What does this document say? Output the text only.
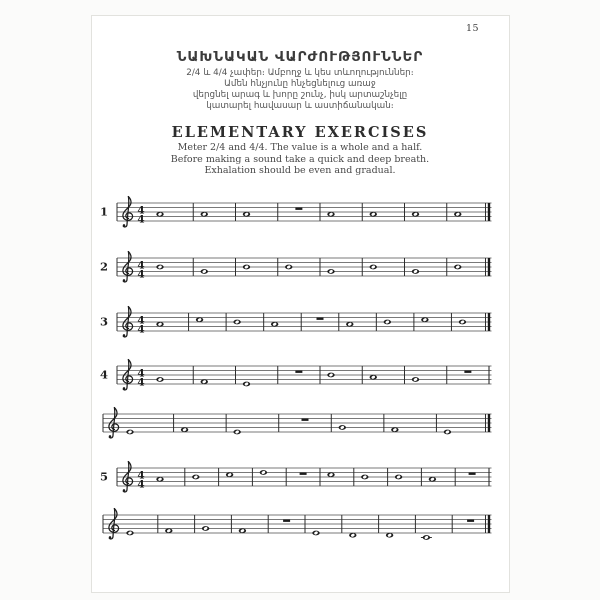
15
ՆԱԽՆԱԿԱՆ ՎԱՐԺՈՒԹՅՈՒՆՆԵՐ
2/4 և 4/4 չափեր։ Ամբողջ և կես տևողություններ։
Ամեն հնչյունը հնչեցնելուց առաջ
վերցնել արագ և խորը շունչ, իսկ արտաշնչելը
կատարել հավասար և աստիճանական։
ELEMENTARY EXERCISES
Meter 2/4 and 4/4. The value is a whole and a half.
Before making a sound take a quick and deep breath.
Exhalation should be even and gradual.
1	4
4
2	4
4
3	4
4
4	4
4
5	4
4
